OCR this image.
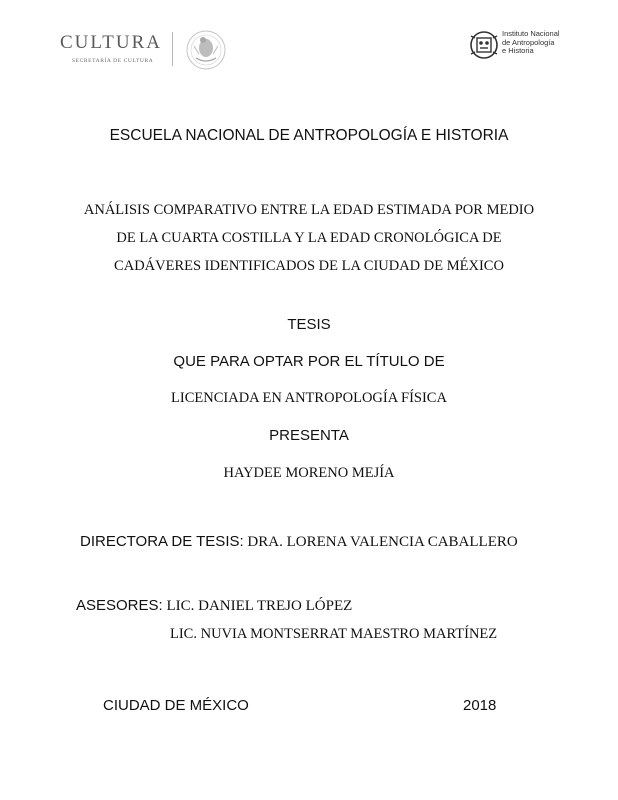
CULTURA
SECRETARÍA DE CULTURA
Instituto Nacional
de Antropología
e Historia
ESCUELA NACIONAL DE ANTROPOLOGÍA E HISTORIA
ANÁLISIS COMPARATIVO ENTRE LA EDAD ESTIMADA POR MEDIO
DE LA CUARTA COSTILLA Y LA EDAD CRONOLÓGICA DE
CADÁVERES IDENTIFICADOS DE LA CIUDAD DE MÉXICO
TESIS
QUE PARA OPTAR POR EL TÍTULO DE
LICENCIADA EN ANTROPOLOGÍA FÍSICA
PRESENTA
HAYDEE MORENO MEJÍA
DIRECTORA DE TESIS: DRA. LORENA VALENCIA CABALLERO
ASESORES: LIC. DANIEL TREJO LÓPEZ
LIC. NUVIA MONTSERRAT MAESTRO MARTÍNEZ
CIUDAD DE MÉXICO	2018
